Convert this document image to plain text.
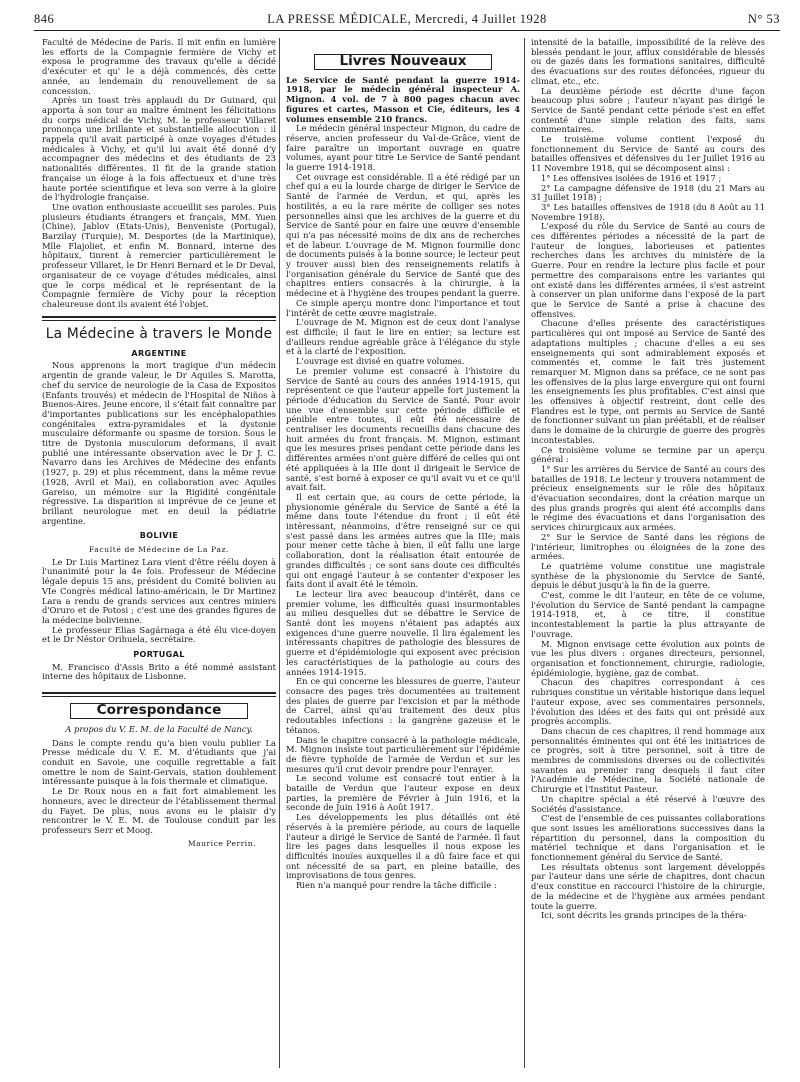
846	LA PRESSE MÉDICALE, Mercredi, 4 Juillet 1928	N° 53

Faculté de Médecine de Paris. Il mit enfin en lumière les efforts de la Compagnie fermière de Vichy et exposa le programme des travaux qu'elle a décidé d'exécuter et qu' le a déjà commencés, dès cette année, au lendemain du renouvellement de sa concession.

Après un toast très applaudi du Dr Guinard, qui apporta à son tour au maître éminent les félicitations du corps médical de Vichy, M. le professeur Villaret prononça une brillante et substantielle allocution : il rappela qu'il avait participé à onze voyages d'études médicales à Vichy, et qu'il lui avait été donné d'y accompagner des médecins et des étudiants de 23 nationalités différentes. Il fit de la grande station française un éloge à la fois affectueux et d'une très haute portée scientifique et leva son verre à la gloire de l'hydrologie française.

Une ovation enthousiaste accueillit ses paroles. Puis plusieurs étudiants étrangers et français, MM. Yuen (Chine), Jablov (Etats-Unis), Benveniste (Portugal), Barzilay (Turquie), M. Desportes (de la Martinique), Mlle Flajoliet, et enfin M. Bonnard, interne des hôpitaux, tinrent à remercier particulièrement le professeur Villaret, le Dr Henri Bernard et le Dr Deval, organisateur de ce voyage d'études médicales, ainsi que le corps médical et le représentant de la Compagnie fermière de Vichy pour la réception chaleureuse dont ils avaient été l'objet.

La Médecine à travers le Monde
ARGENTINE

Nous apprenons la mort tragique d'un médecin argentin de grande valeur, le Dr Aquiles S. Marotta, chef du service de neurologie de la Casa de Expositos (Enfants trouvés) et médecin de l'Hospital de Niños à Buenos-Aires. Jeune encore, il s'était fait connaître par d'importantes publications sur les encéphalopathies congénitales extra-pyramidales et la dystonie musculaire déformante ou spasme de torsion. Sous le titre de Dystonia musculorum deformans, il avait publié une intéressante observation avec le Dr J. C. Navarro dans les Archives de Médecine des enfants (1927, p. 29) et plus récemment, dans la même revue (1928, Avril et Mai), en collaboration avec Aquiles Gareiso, un mémoire sur la Rigidité congénitale régressive. La disparition si imprévue de ce jeune et brillant neurologue met en deuil la pédiatrie argentine.

BOLIVIE
Faculté de Médecine de La Paz.

Le Dr Luis Martinez Lara vient d'être réélu doyen à l'unanimité pour la 4e fois. Professeur de Médecine légale depuis 15 ans, président du Comité bolivien au VIe Congrès médical latino-américain, le Dr Martinez Lara a rendu de grands services aux centres miniers d'Oruro et de Potosi ; c'est une des grandes figures de la médecine bolivienne.

Le professeur Elias Sagárnaga a été élu vice-doyen et le Dr Néstor Orihuela, secrétaire.

PORTUGAL

M. Francisco d'Assis Brito a été nommé assistant interne des hôpitaux de Lisbonne.

Correspondance
A propos du V. E. M. de la Faculté de Nancy.

Dans le compte rendu qu'a bien voulu publier La Presse médicale du V. E. M. d'étudiants que j'ai conduit en Savoie, une coquille regrettable a fait omettre le nom de Saint-Gervais, station doublement intéressante puisque à la fois thermale et climatique.

Le Dr Roux nous en a fait fort aimablement les honneurs, avec le directeur de l'établissement thermal du Fayet. De plus, nous avons eu le plaisir d'y rencontrer le V. E. M. de Toulouse conduit par les professeurs Serr et Moog.

Maurice Perrin.
Livres Nouveaux

Le Service de Santé pendant la guerre 1914-1918, par le médecin général inspecteur A. Mignon. 4 vol. de 7 à 800 pages chacun avec figures et cartes, Masson et Cie, éditeurs, les 4 volumes ensemble 210 francs.

Le médecin général inspecteur Mignon, du cadre de réserve, ancien professeur du Val-de-Grâce, vient de faire paraître un important ouvrage en quatre volumes, ayant pour titre Le Service de Santé pendant la guerre 1914-1918.

Cet ouvrage est considérable. Il a été rédigé par un chef qui a eu la lourde charge de diriger le Service de Santé de l'armée de Verdun, et qui, après les hostilités, a eu la rare mérite de colliger ses notes personnelles ainsi que les archives de la guerre et du Service de Santé pour en faire une œuvre d'ensemble qui n'a pas nécessité moins de dix ans de recherches et de labeur. L'ouvrage de M. Mignon fourmille donc de documents puisés à la bonne source; le lecteur peut y trouver aussi bien des renseignements relatifs à l'organisation générale du Service de Santé que des chapitres entiers consacrés à la chirurgie, à la médecine et à l'hygiène des troupes pendant la guerre.

Ce simple aperçu montre donc l'importance et tout l'intérêt de cette œuvre magistrale.

L'ouvrage de M. Mignon est de ceux dont l'analyse est difficile; il faut le lire en entier; sa lecture est d'ailleurs rendue agréable grâce à l'élégance du style et à la clarté de l'exposition.

L'ouvrage est divisé en quatre volumes.

Le premier volume est consacré à l'histoire du Service de Santé au cours des années 1914-1915, qui représentent ce que l'auteur appelle fort justement la période d'éducation du Service de Santé. Pour avoir une vue d'ensemble sur cette période difficile et pénible entre toutes, il eût été nécessaire de centraliser les documents recueillis dans chacune des huit armées du front français. M. Mignon, estimant que les mesures prises pendant cette période dans les différentes armées n'ont guère différé de celles qui ont été appliquées à la IIIe dont il dirigeait le Service de santé, s'est borné à exposer ce qu'il avait vu et ce qu'il avait fait.

Il est certain que, au cours de cette période, la physionomie générale du Service de Santé a été la même dans toute l'étendue du front ; il eût été intéressant, néanmoins, d'être renseigné sur ce qui s'est passé dans les armées autres que la IIIe; mais pour mener cette tâche à bien, il eût fallu une large collaboration, dont la réalisation était entourée de grandes difficultés ; ce sont sans doute ces difficultés qui ont engagé l'auteur à se contenter d'exposer les faits dont il avait été le témoin.

Le lecteur lira avec beaucoup d'intérêt, dans ce premier volume, les difficultés quasi insurmontables au milieu desquelles dut se débattre le Service de Santé dont les moyens n'étaient pas adaptés aux exigences d'une guerre nouvelle. Il lira également les intéressants chapitres de pathologie des blessures de guerre et d'épidémiologie qui exposent avec précision les caractéristiques de la pathologie au cours des années 1914-1915.

En ce qui concerne les blessures de guerre, l'auteur consacre des pages très documentées au traitement des plaies de guerre par l'excision et par la méthode de Carrel, ainsi qu'au traitement des deux plus redoutables infections : la gangrène gazeuse et le tétanos.

Dans le chapitre consacré à la pathologie médicale, M. Mignon insiste tout particulièrement sur l'épidémie de fièvre typhoïde de l'armée de Verdun et sur les mesures qu'il crut devoir prendre pour l'enrayer.

Le second volume est consacré tout entier à la bataille de Verdun que l'auteur expose en deux parties, la première de Février à Juin 1916, et la seconde de Juin 1916 à Août 1917.

Les développements les plus détaillés ont été réservés à la première période, au cours de laquelle l'auteur a dirigé le Service de Santé de l'armée. Il faut lire les pages dans lesquelles il nous expose les difficultés inouïes auxquelles il a dû faire face et qui ont nécessité de sa part, en pleine bataille, des improvisations de tous genres.

Rien n'a manqué pour rendre la tâche difficile :

intensité de la bataille, impossibilité de la relève des blessés pendant le jour, afflux considérable de blessés ou de gazés dans les formations sanitaires, difficulté des évacuations sur des routes défoncées, rigueur du climat, etc., etc.

La deuxième période est décrite d'une façon beaucoup plus sobre ; l'auteur n'ayant pas dirigé le Service de Santé pendant cette période s'est en effet contenté d'une simple relation des faits, sans commentaires.

Le troisième volume contient l'exposé du fonctionnement du Service de Santé au cours des batailles offensives et défensives du 1er Juillet 1916 au 11 Novembre 1918, qui se décomposent ainsi :

1° Les offensives isolées de 1916 et 1917 ;

2° La campagne défensive de 1918 (du 21 Mars au 31 Juillet 1918) ;

3° Les batailles offensives de 1918 (du 8 Août au 11 Novembre 1918).

L'exposé du rôle du Service de Santé au cours de ces différentes périodes a nécessité de la part de l'auteur de longues, laborieuses et patientes recherches dans les archives du ministère de la Guerre. Pour en rendre la lecture plus facile et pour permettre des comparaisons entre les variantes qui ont existé dans les différentes armées, il s'est astreint à conserver un plan uniforme dans l'exposé de la part que le Service de Santé a prise à chacune des offensives.

Chacune d'elles présente des caractéristiques particulières qui ont imposé au Service de Santé des adaptations multiples ; chacune d'elles a eu ses enseignements qui sont admirablement exposés et commentés et, comme le fait très justement remarquer M. Mignon dans sa préface, ce ne sont pas les offensives de la plus large envergure qui ont fourni les enseignements les plus profitables. C'est ainsi que les offensives à objectif restreint, dont celle des Flandres est le type, ont permis au Service de Santé de fonctionner suivant un plan préétabli, et de réaliser dans le domaine de la chirurgie de guerre des progrès incontestables.

Ce troisième volume se termine par un aperçu général :

1° Sur les arrières du Service de Santé au cours des batailles de 1918. Le lecteur y trouvera notamment de précieux enseignements sur le rôle des hôpitaux d'évacuation secondaires, dont la création marque un des plus grands progrès qui aient été accomplis dans le régime des évacuations et dans l'organisation des services chirurgicaux aux armées.

2° Sur le Service de Santé dans les régions de l'intérieur, limitrophes ou éloignées de la zone des armées.

Le quatrième volume constitue une magistrale synthèse de la physionomie du Service de Santé, depuis le début jusqu'à la fin de la guerre.

C'est, comme le dit l'auteur, en tête de ce volume, l'évolution du Service de Santé pendant la campagne 1914-1918, et, à ce titre, il constitue incontestablement la partie la plus attrayante de l'ouvrage.

M. Mignon envisage cette évolution aux points de vue les plus divers : organes directeurs, personnel, organisation et fonctionnement, chirurgie, radiologie, épidémiologie, hygiène, gaz de combat.

Chacun des chapitres correspondant à ces rubriques constitue un véritable historique dans lequel l'auteur expose, avec ses commentaires personnels, l'évolution des idées et des faits qui ont présidé aux progrès accomplis.

Dans chacun de ces chapitres, il rend hommage aux personnalités éminentes qui ont été les initiatrices de ce progrès, soit à titre personnel, soit à titre de membres de commissions diverses ou de collectivités savantes au premier rang desquels il faut citer l'Académie de Médecine, la Société nationale de Chirurgie et l'Institut Pasteur.

Un chapitre spécial a été réservé à l'œuvre des Sociétés d'assistance.

C'est de l'ensemble de ces puissantes collaborations que sont issues les améliorations successives dans la répartition du personnel, dans la composition du matériel technique et dans l'organisation et le fonctionnement général du Service de Santé.

Les résultats obtenus sont largement développés par l'auteur dans une série de chapitres, dont chacun d'eux constitue en raccourci l'histoire de la chirurgie, de la médecine et de l'hygiène aux armées pendant toute la guerre.

Ici, sont décrits les grands principes de la théra-
